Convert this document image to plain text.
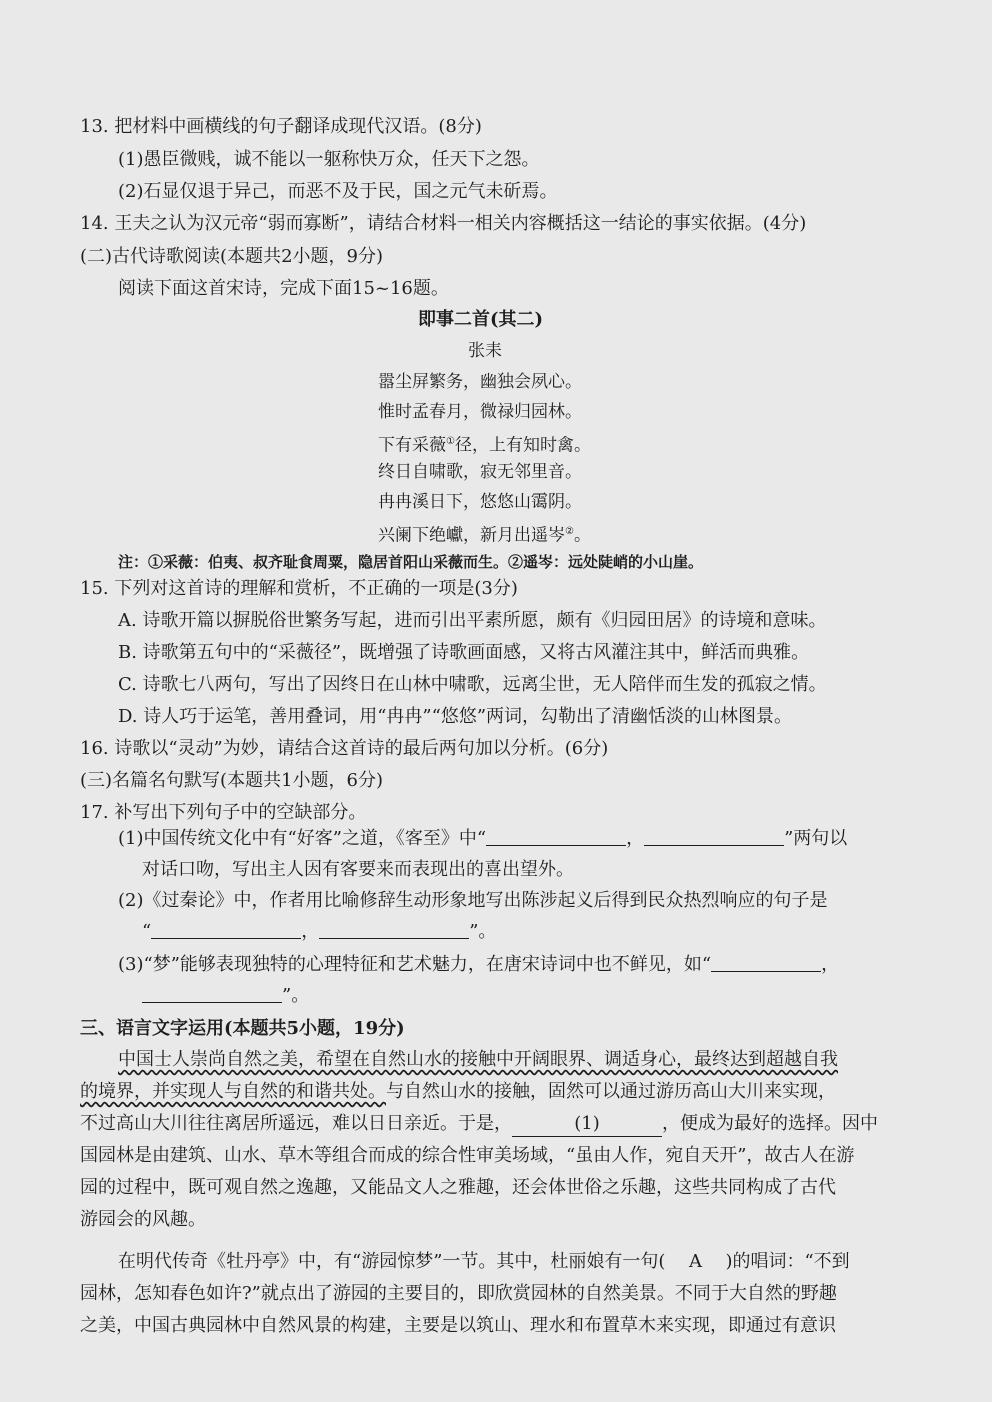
13. 把材料中画横线的句子翻译成现代汉语。(8分)
(1)愚臣微贱，诚不能以一躯称快万众，任天下之怨。
(2)石显仅退于异己，而恶不及于民，国之元气未斫焉。
14. 王夫之认为汉元帝“弱而寡断”，请结合材料一相关内容概括这一结论的事实依据。(4分)
(二)古代诗歌阅读(本题共2小题，9分)
阅读下面这首宋诗，完成下面15~16题。
即事二首(其二)
张耒
嚣尘屏繁务，幽独会夙心。
惟时孟春月，微禄归园林。
下有采薇①径，上有知时禽。
终日自啸歌，寂无邻里音。
冉冉溪日下，悠悠山霭阴。
兴阑下绝巘，新月出遥岑②。
注：①采薇：伯夷、叔齐耻食周粟，隐居首阳山采薇而生。②遥岑：远处陡峭的小山崖。
15. 下列对这首诗的理解和赏析，不正确的一项是(3分)
A. 诗歌开篇以摒脱俗世繁务写起，进而引出平素所愿，颇有《归园田居》的诗境和意味。
B. 诗歌第五句中的“采薇径”，既增强了诗歌画面感，又将古风灌注其中，鲜活而典雅。
C. 诗歌七八两句，写出了因终日在山林中啸歌，远离尘世，无人陪伴而生发的孤寂之情。
D. 诗人巧于运笔，善用叠词，用“冉冉”“悠悠”两词，勾勒出了清幽恬淡的山林图景。
16. 诗歌以“灵动”为妙，请结合这首诗的最后两句加以分析。(6分)
(三)名篇名句默写(本题共1小题，6分)
17. 补写出下列句子中的空缺部分。
(1)中国传统文化中有“好客”之道，《客至》中“	，	”两句以
对话口吻，写出主人因有客要来而表现出的喜出望外。
(2)《过秦论》中，作者用比喻修辞生动形象地写出陈涉起义后得到民众热烈响应的句子是
“	，	”。
(3)“梦”能够表现独特的心理特征和艺术魅力，在唐宋诗词中也不鲜见，如“	，
”。
三、语言文字运用(本题共5小题，19分)
中国士人崇尚自然之美，希望在自然山水的接触中开阔眼界、调适身心，最终达到超越自我
的境界，并实现人与自然的和谐共处。与自然山水的接触，固然可以通过游历高山大川来实现，
不过高山大川往往离居所遥远，难以日日亲近。于是，	(1)	，便成为最好的选择。因中
国园林是由建筑、山水、草木等组合而成的综合性审美场域，“虽由人作，宛自天开”，故古人在游
园的过程中，既可观自然之逸趣，又能品文人之雅趣，还会体世俗之乐趣，这些共同构成了古代
游园会的风趣。
在明代传奇《牡丹亭》中，有“游园惊梦”一节。其中，杜丽娘有一句( A )的唱词：“不到
园林，怎知春色如许?”就点出了游园的主要目的，即欣赏园林的自然美景。不同于大自然的野趣
之美，中国古典园林中自然风景的构建，主要是以筑山、理水和布置草木来实现，即通过有意识
